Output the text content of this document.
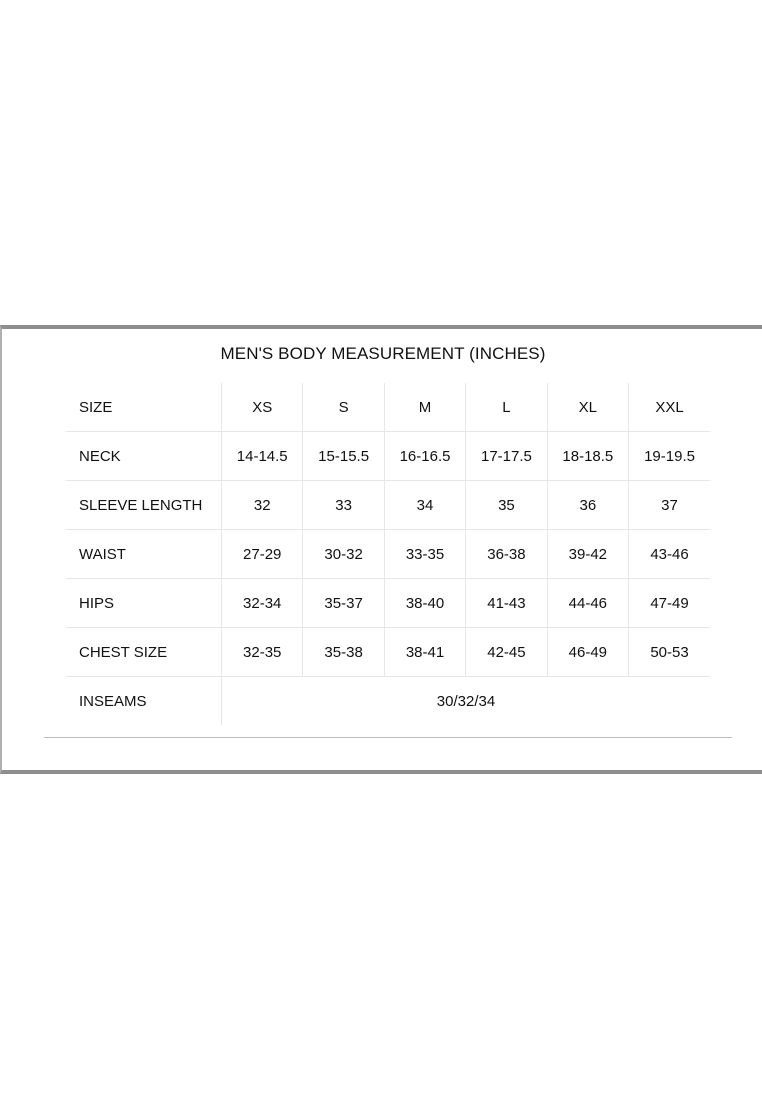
MEN'S BODY MEASUREMENT (INCHES)
SIZE	XS	S	M	L	XL	XXL
NECK	14-14.5	15-15.5	16-16.5	17-17.5	18-18.5	19-19.5
SLEEVE LENGTH	32	33	34	35	36	37
WAIST	27-29	30-32	33-35	36-38	39-42	43-46
HIPS	32-34	35-37	38-40	41-43	44-46	47-49
CHEST SIZE	32-35	35-38	38-41	42-45	46-49	50-53
INSEAMS	30/32/34					
